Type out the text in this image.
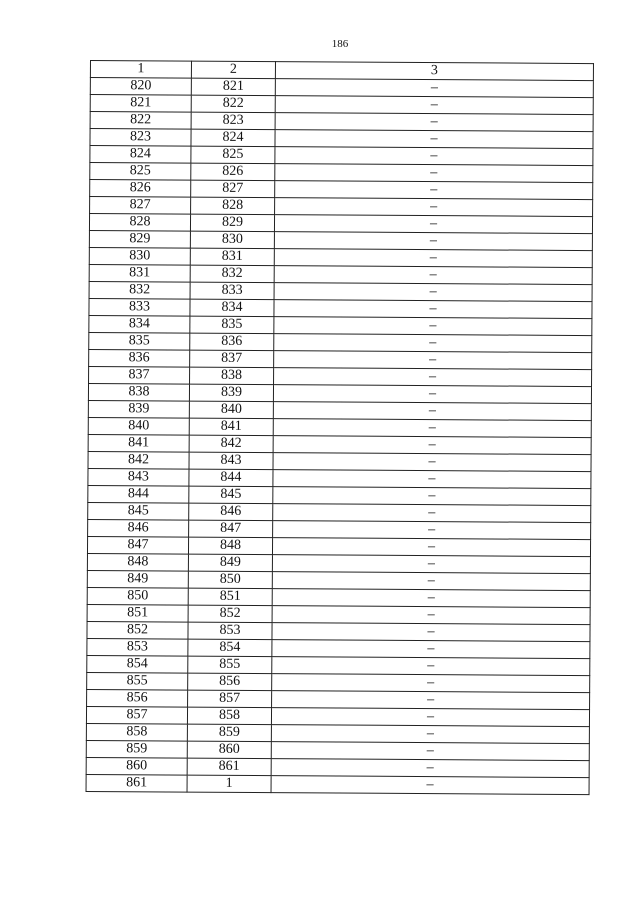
186
1	2	3
820	821	–
821	822	–
822	823	–
823	824	–
824	825	–
825	826	–
826	827	–
827	828	–
828	829	–
829	830	–
830	831	–
831	832	–
832	833	–
833	834	–
834	835	–
835	836	–
836	837	–
837	838	–
838	839	–
839	840	–
840	841	–
841	842	–
842	843	–
843	844	–
844	845	–
845	846	–
846	847	–
847	848	–
848	849	–
849	850	–
850	851	–
851	852	–
852	853	–
853	854	–
854	855	–
855	856	–
856	857	–
857	858	–
858	859	–
859	860	–
860	861	–
861	1	–
